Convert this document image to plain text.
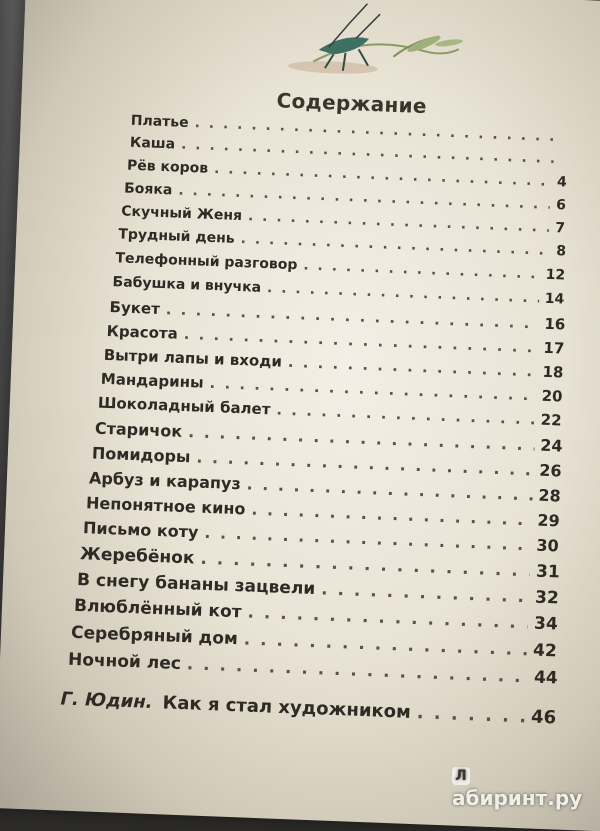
Содержание
Платье
. . .
Каша
. . .
Рёв коров
. . .
4
Бояка
. . .
6
Скучный Женя
. . .
7
Трудный день
. . .
8
Телефонный разговор
. . .
12
Бабушка и внучка
. . .
14
Букет
. . .
16
Красота
. . .
17
Вытри лапы и входи
. . .
18
Мандарины
. . .
20
Шоколадный балет
. . .
22
Старичок
. . .
24
Помидоры
. . .
26
Арбуз и карапуз
. . .
28
Непонятное кино
. . .
29
Письмо коту
. . .
30
Жеребёнок
. . .
31
В снегу бананы зацвели . . .	32
Влюблённый кот
. . .
34
Серебряный дом
. . .
42
Ночной лес
. . .
44
Г. Юдин. Как я стал художником . . .	46
Лабиринт.ру
